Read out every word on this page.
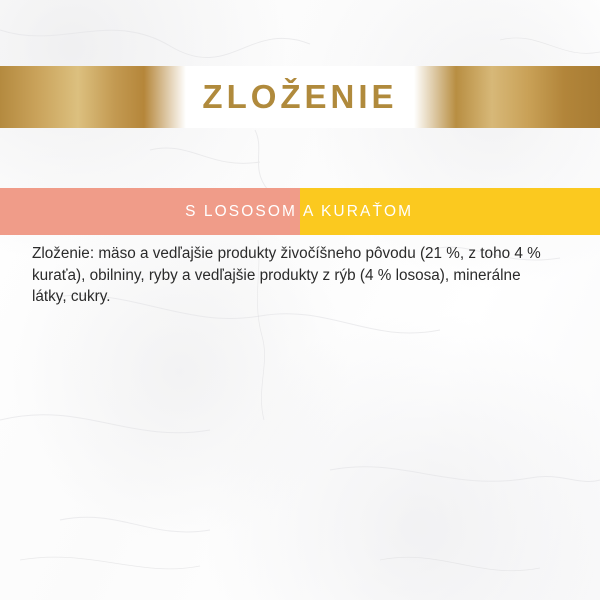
ZLOŽENIE
S LOSOSOM A KURAŤOM
Zloženie: mäso a vedľajšie produkty živočíšneho pôvodu (21 %, z toho 4 % kuraťa), obilniny, ryby a vedľajšie produkty z rýb (4 % lososa), minerálne látky, cukry.
